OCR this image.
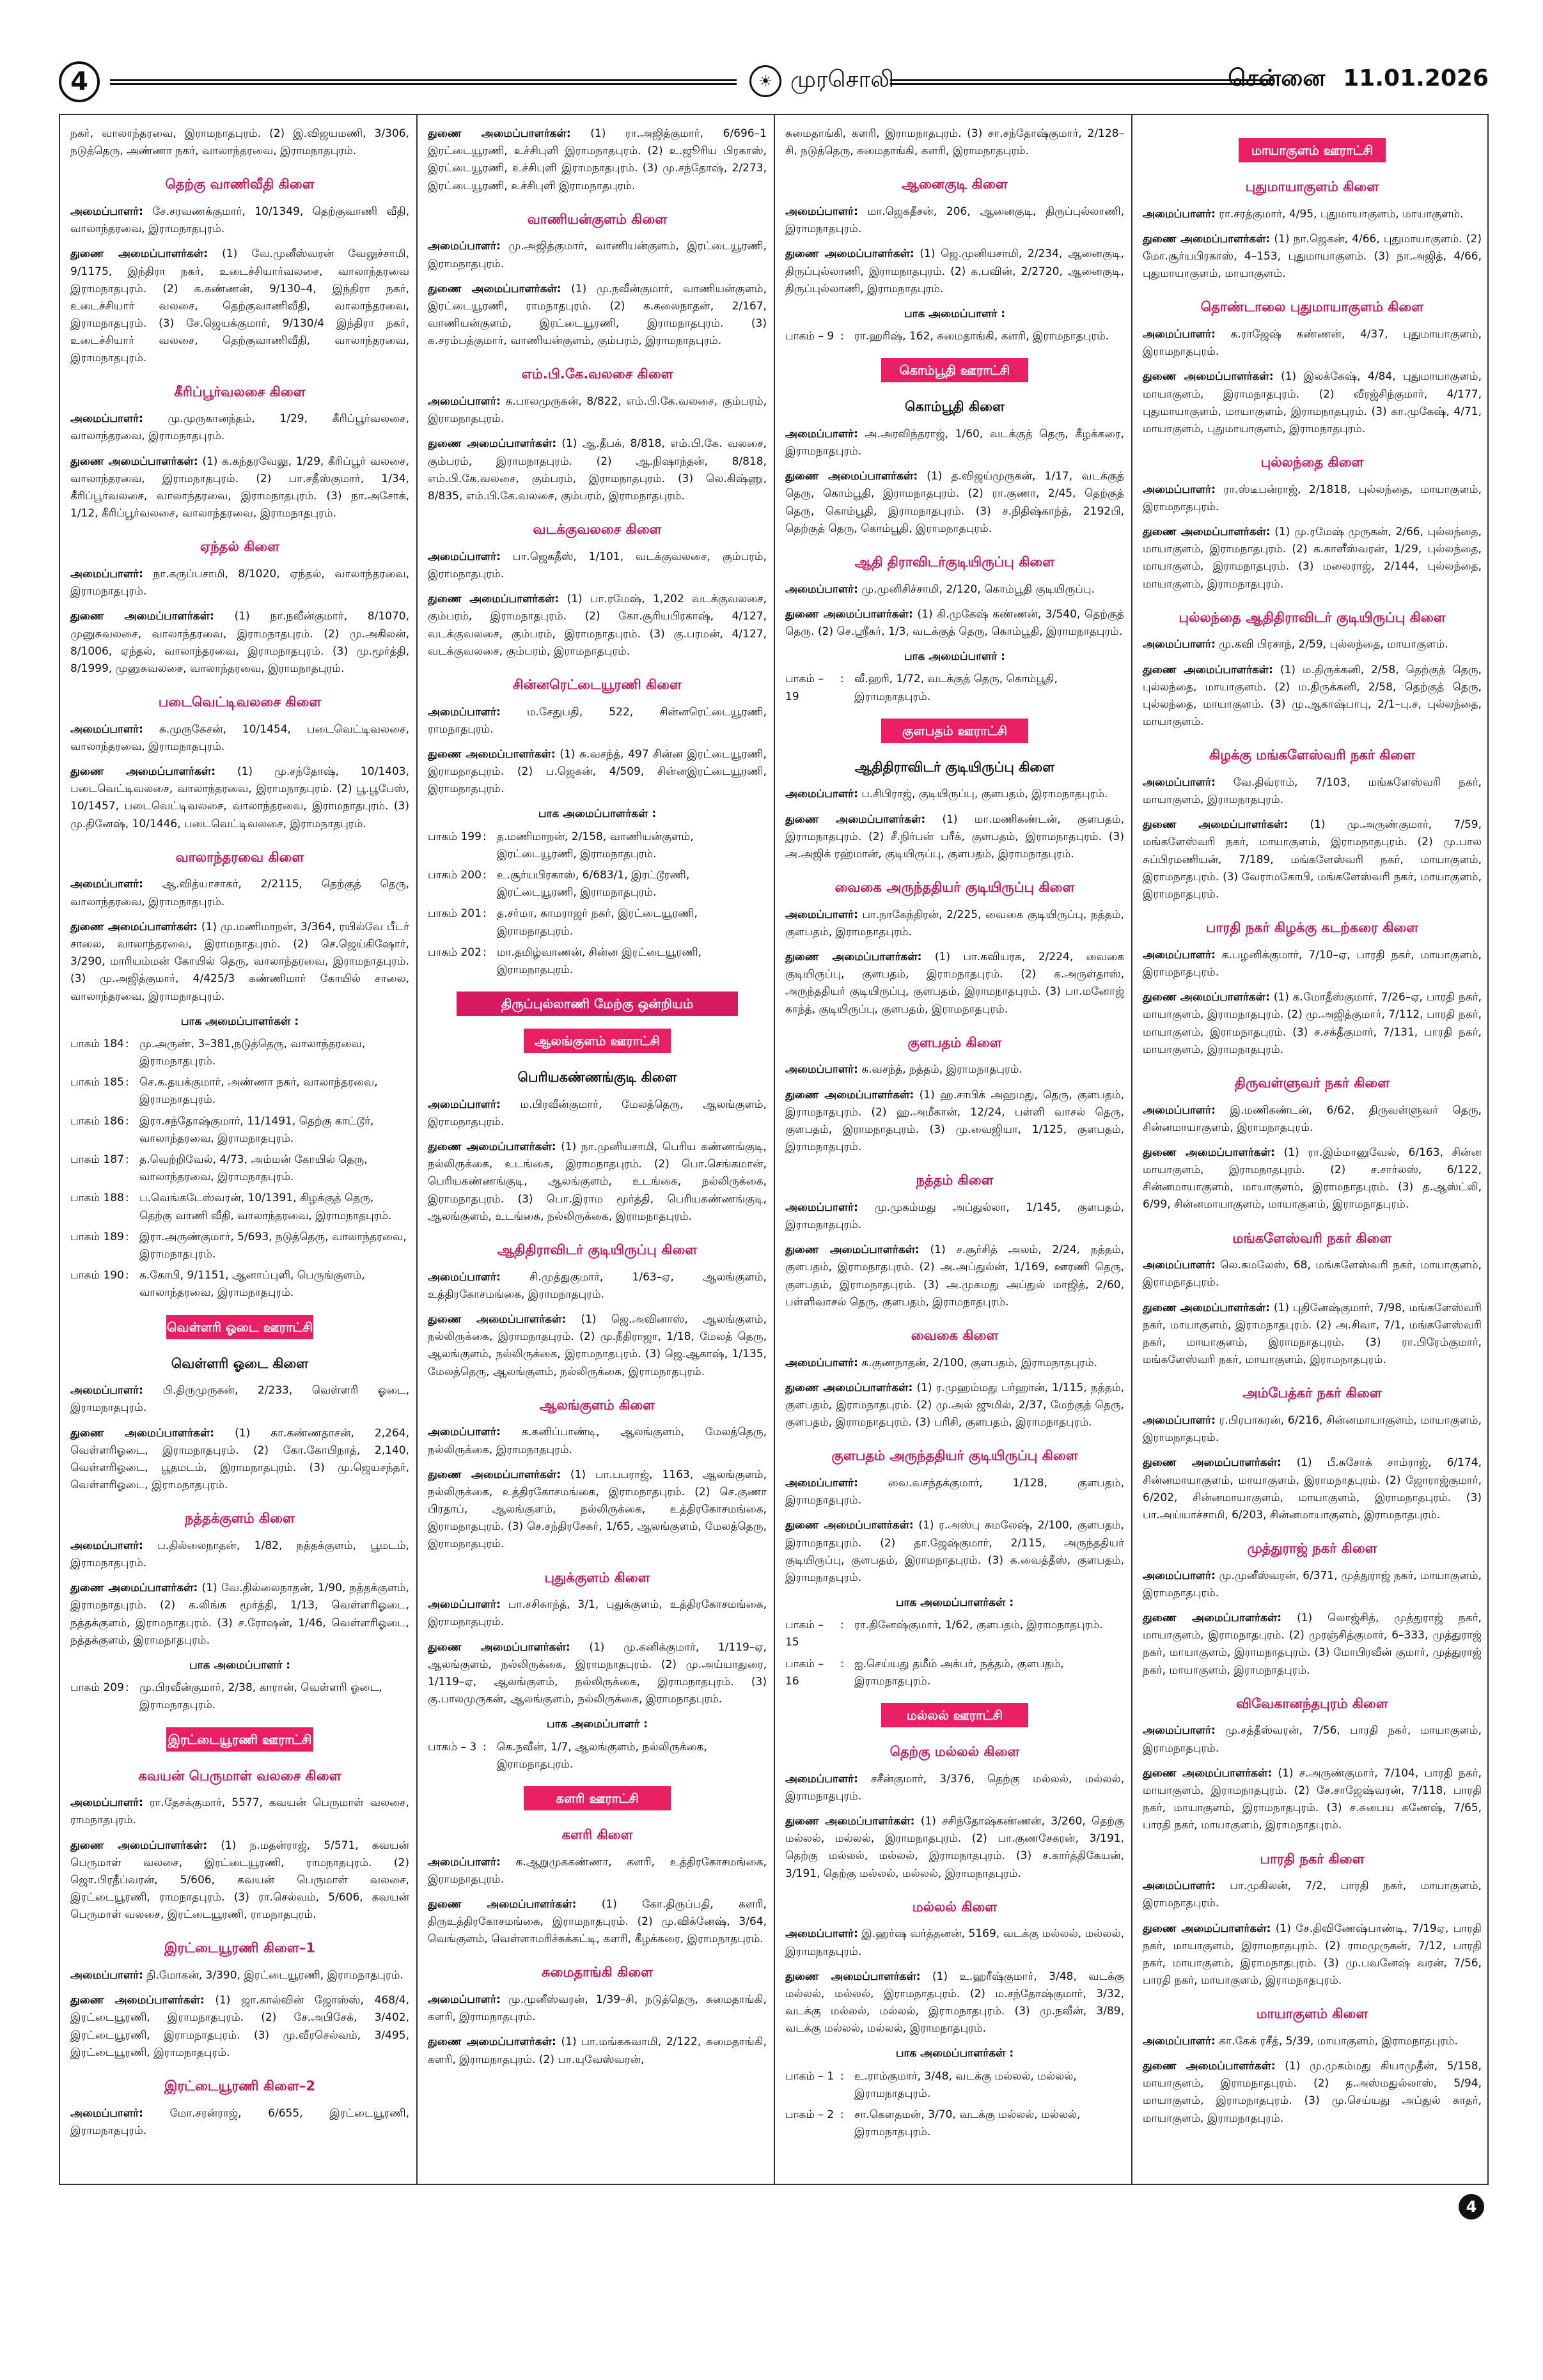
4	☀ முரசொலி	சென்னை 11.01.2026

நகர், வாலாந்தரவை, இராமநாதபுரம். (2) இ.விஜயமணி, 3/306, நடுத்தெரு, அண்ணா நகர், வாலாந்தரவை, இராமநாதபுரம்.

தெற்கு வாணிவீதி கிளை

அமைப்பாளர்: சே.சரவணக்குமார், 10/1349, தெற்குவாணி வீதி, வாலாந்தரவை, இராமநாதபுரம்.

துணை அமைப்பாளர்கள்: (1) வே.முனீஸ்வரன் வேலுச்சாமி, 9/1175, இந்திரா நகர், உடைச்சியார்வலசை, வாலாந்தரவை இராமநாதபுரம். (2) க.கண்ணன், 9/130–4, இந்திரா நகர், உடைச்சியார் வலசை, தெற்குவாணிவீதி, வாலாந்தரவை, இராமநாதபுரம். (3) சே.ஜெயக்குமார், 9/130/4 இந்திரா நகர், உடைச்சியார் வலசை, தெற்குவாணிவீதி, வாலாந்தரவை, இராமநாதபுரம்.

கீரிப்பூர்வலசை கிளை

அமைப்பாளர்: மு.முருகானந்தம், 1/29, கீரிப்பூர்வலசை, வாலாந்தரவை, இராமநாதபுரம்.

துணை அமைப்பாளர்கள்: (1) க.கந்தரவேலு, 1/29, கீரிப்பூர் வலசை, வாலாந்தரவை, இராமநாதபுரம். (2) பா.சதீஸ்குமார், 1/34, கீரிப்பூர்வலசை, வாலாந்தரவை, இராமநாதபுரம். (3) நா.அசோக், 1/12, கீரிப்பூர்வலசை, வாலாந்தரவை, இராமநாதபுரம்.

ஏந்தல் கிளை

அமைப்பாளர்: நா.கருப்பசாமி, 8/1020, ஏந்தல், வாலாந்தரவை, இராமநாதபுரம்.

துணை அமைப்பாளர்கள்: (1) நா.நவீன்குமார், 8/1070, முனுசுவலசை, வாலாந்தரவை, இராமநாதபுரம். (2) மு.அகிலன், 8/1006, ஏந்தல், வாலாந்தரவை, இராமநாதபுரம். (3) மு.மூர்த்தி, 8/1999, முனுசுவலசை, வாலாந்தரவை, இராமநாதபுரம்.

படைவெட்டிவலசை கிளை

அமைப்பாளர்: க.முருகேசன், 10/1454, படைவெட்டிவலசை, வாலாந்தரவை, இராமநாதபுரம்.

துணை அமைப்பாளர்கள்: (1) மு.சந்தோஷ், 10/1403, படைவெட்டிவலசை, வாலாந்தரவை, இராமநாதபுரம். (2) பூ.பூபேஸ், 10/1457, படைவெட்டிவலசை, வாலாந்தரவை, இராமநாதபுரம். (3) மு.தினேஷ், 10/1446, படைவெட்டிவலசை, இராமநாதபுரம்.

வாலாந்தரவை கிளை

அமைப்பாளர்: ஆ.வித்யாசாகர், 2/2115, தெற்குத் தெரு, வாலாந்தரவை, இராமநாதபுரம்.

துணை அமைப்பாளர்கள்: (1) மு.மணிமாறன், 3/364, ரயில்வே பீடர் சாலை, வாலாந்தரவை, இராமநாதபுரம். (2) செ.ஜெய்கிஷோர், 3/290, மாரியம்மன் கோயில் தெரு, வாலாந்தரவை, இராமநாதபுரம். (3) மு.அஜித்குமார், 4/425/3 கண்ணிமார் கோயில் சாலை, வாலாந்தரவை, இராமநாதபுரம்.

பாக அமைப்பாளர்கள் :
பாகம் 184 : மு.அருண், 3–381,நடுத்தெரு, வாலாந்தரவை, இராமநாதபுரம்.
பாகம் 185 : செ.க.தயக்குமார், அண்ணா நகர், வாலாந்தரவை, இராமநாதபுரம்.
பாகம் 186 : இரா.சந்தோஷ்குமார், 11/1491, தெற்கு காட்டூர், வாலாந்தரவை, இராமநாதபுரம்.
பாகம் 187 : த.வெற்றிவேல், 4/73, அம்மன் கோயில் தெரு, வாலாந்தரவை, இராமநாதபுரம்.
பாகம் 188 : ப.வெங்கடேஸ்வரன், 10/1391, கிழக்குத் தெரு, தெற்கு வாணி வீதி, வாலாந்தரவை, இராமநாதபுரம்.
பாகம் 189 : இரா.அருண்குமார், 5/693, நடுத்தெரு, வாலாந்தரவை, இராமநாதபுரம்.
பாகம் 190 : க.கோபி, 9/1151, ஆனாப்புளி, பெருங்குளம், வாலாந்தரவை, இராமநாதபுரம்.
வெள்ளரி ஓடை ஊராட்சி
வெள்ளரி ஓடை கிளை

அமைப்பாளர்: பி.திருமுருகன், 2/233, வெள்ளரி ஓடை, இராமநாதபுரம்.

துணை அமைப்பாளர்கள்: (1) கா.கண்ணதாசன், 2,264, வெள்ளரிஓடை, இராமநாதபுரம். (2) கோ.கோபிநாத், 2,140, வெள்ளரிஓடை, பூதமடம், இராமநாதபுரம். (3) மு.ஜெயசந்தர், வெள்ளரிஓடை, இராமநாதபுரம்.

நத்தக்குளம் கிளை

அமைப்பாளர்: ப.தில்லைநாதன், 1/82, நத்தக்குளம், பூமடம், இராமநாதபுரம்.

துணை அமைப்பாளர்கள்: (1) வே.தில்லைநாதன், 1/90, நத்தக்குளம், இராமநாதபுரம். (2) க.லிங்க மூர்த்தி, 1/13, வெள்ளரிஓடை, நத்தக்குளம், இராமநாதபுரம். (3) ச.ரோஷன், 1/46, வெள்ளரிஓடை, நத்தக்குளம், இராமநாதபுரம்.

பாக அமைப்பாளர் :
பாகம் 209 : மு.பிரவீன்குமார், 2/38, காரான், வெள்ளரி ஓடை, இராமநாதபுரம்.
இரட்டையூரணி ஊராட்சி
கவயன் பெருமாள் வலசை கிளை

அமைப்பாளர்: ரா.தேசக்குமார், 5577, கவயன் பெருமாள் வலசை, ராமநாதபுரம்.

துணை அமைப்பாளர்கள்: (1) ந.மதன்ராஜ், 5/571, கவயன் பெருமாள் வலசை, இரட்டையூரணி, ராமநாதபுரம். (2) ஜொ.பிரதீப்வரன், 5/606, கவயன் பெருமாள் வலசை, இரட்டையூரணி, ராமநாதபுரம். (3) ரா.செல்வம், 5/606, கவயன் பெருமாள் வலசை, இரட்டையூரணி, ராமநாதபுரம்.

இரட்டையூரணி கிளை–1

அமைப்பாளர்: நி.மோகன், 3/390, இரட்டையூரணி, இராமநாதபுரம்.

துணை அமைப்பாளர்கள்: (1) ஜா.கால்வின் ஜோஸ்ஸ், 468/4, இரட்டையூரணி, இராமநாதபுரம். (2) சே.அபிசேக், 3/402, இரட்டையூரணி, இராமநாதபுரம். (3) மு.வீரசெல்வம், 3/495, இரட்டையூரணி, இராமநாதபுரம்.

இரட்டையூரணி கிளை–2

அமைப்பாளர்: மோ.சரன்ராஜ், 6/655, இரட்டையூரணி, இராமநாதபுரம்.

துணை அமைப்பாளர்கள்: (1) ரா.அஜித்குமார், 6/696–1 இரட்டையூரணி, உச்சிபுளி இராமநாதபுரம். (2) உ.ஜூரிய பிரகாஸ், இரட்டையூரணி, உச்சிபுளி இராமநாதபுரம். (3) மு.சந்தோஷ், 2/273, இரட்டையூரணி, உச்சிபுளி இராமநாதபுரம்.

வாணியன்குளம் கிளை

அமைப்பாளர்: மு.அஜித்குமார், வாணியன்குளம், இரட்டையூரணி, இராமநாதபுரம்.

துணை அமைப்பாளர்கள்: (1) மு.நவீன்குமார், வாணியன்குளம், இரட்டையூரணி, ராமநாதபுரம். (2) க.கலைநாதன், 2/167, வாணியன்குளம், இரட்டையூரணி, இராமநாதபுரம். (3) க.சரம்பத்குமார், வாணியன்குளம், கும்பரம், இராமநாதபுரம்.

எம்.பி.கே.வலசை கிளை

அமைப்பாளர்: க.பாலமுருகன், 8/822, எம்.பி.கே.வலசை, கும்பரம், இராமநாதபுரம்.

துணை அமைப்பாளர்கள்: (1) ஆ.தீபக், 8/818, எம்.பி.கே. வலசை, கும்பரம், இராமநாதபுரம். (2) ஆ.நிஷாந்தன், 8/818, எம்.பி.கே.வலசை, கும்பரம், இராமநாதபுரம். (3) லெ.கிஷ்ணு, 8/835, எம்.பி.கே.வலசை, கும்பரம், இராமநாதபுரம்.

வடக்குவலசை கிளை

அமைப்பாளர்: பா.ஜெகதீஸ், 1/101, வடக்குவலசை, கும்பரம், இராமநாதபுரம்.

துணை அமைப்பாளர்கள்: (1) பா.ரமேஷ், 1,202 வடக்குவலசை, கும்பரம், இராமநாதபுரம். (2) கோ.சூரியபிரகாஷ், 4/127, வடக்குவலசை, கும்பரம், இராமநாதபுரம். (3) கு.பரமன், 4/127, வடக்குவலசை, கும்பரம், இராமநாதபுரம்.

சின்னரெட்டையூரணி கிளை

அமைப்பாளர்: ம.சேதுபதி, 522, சின்னரெட்டையூரணி, ராமநாதபுரம்.

துணை அமைப்பாளர்கள்: (1) சு.வசந்த், 497 சின்ன இரட்டையூரணி, இராமநாதபுரம். (2) ப.ஜெகன், 4/509, சின்னஇரட்டையூரணி, இராமநாதபுரம்.

பாக அமைப்பாளர்கள் :
பாகம் 199 : த.மணிமாறன், 2/158, வாணியன்குளம், இரட்டையூரணி, இராமநாதபுரம்.
பாகம் 200 : உ.சூர்யபிரகாஸ், 6/683/1, இரட்டூரணி, இரட்டையூரணி, இராமநாதபுரம்.
பாகம் 201 : த.சர்மா, காமராஜர் நகர், இரட்டையூரணி, இராமநாதபுரம்.
பாகம் 202 : மா.தமிழ்வாணன், சின்ன இரட்டையூரணி, இராமநாதபுரம்.
திருப்புல்லாணி மேற்கு ஒன்றியம்
ஆலங்குளம் ஊராட்சி
பெரியகண்ணங்குடி கிளை

அமைப்பாளர்: ம.பிரவீன்குமார், மேலத்தெரு, ஆலங்குளம், இராமநாதபுரம்.

துணை அமைப்பாளர்கள்: (1) நா.முனியசாமி, பெரிய கண்ணங்குடி, நல்லிருக்கை, உடங்கை, இராமநாதபுரம். (2) பொ.செங்கமான், பெரியகண்ணங்குடி, ஆலங்குளம், உடங்கை, நல்லிருக்கை, இராமநாதபுரம். (3) பொ.இராம மூர்த்தி, பெரியகண்ணங்குடி, ஆலங்குளம், உடங்கை, நல்லிருக்கை, இராமநாதபுரம்.

ஆதிதிராவிடர் குடியிருப்பு கிளை

அமைப்பாளர்: சி.முத்துகுமார், 1/63–ஏ, ஆலங்குளம், உத்திரகோசமங்கை, இராமநாதபுரம்.

துணை அமைப்பாளர்கள்: (1) ஜெ.அவினாஸ், ஆலங்குளம், நல்லிருக்கை, இராமநாதபுரம். (2) மு.நீதிராஜா, 1/18, மேலத் தெரு, ஆலங்குளம், நல்லிருக்கை, இராமநாதபுரம். (3) ஜெ.ஆகாஷ், 1/135, மேலத்தெரு, ஆலங்குளம், நல்லிருக்கை, இராமநாதபுரம்.

ஆலங்குளம் கிளை

அமைப்பாளர்: க.கனிப்பாண்டி, ஆலங்குளம், மேலத்தெரு, நல்லிருக்கை, இராமநாதபுரம்.

துணை அமைப்பாளர்கள்: (1) பா.பபராஜ், 1163, ஆலங்குளம், நல்லிருக்கை, உத்திரகோசமங்கை, இராமநாதபுரம். (2) செ.குணா பிரதாப், ஆலங்குளம், நல்லிருக்கை, உத்திரகோசமங்கை, இராமநாதபுரம். (3) செ.சந்திரசேகர், 1/65, ஆலங்குளம், மேலத்தெரு, இராமநாதபுரம்.

புதுக்குளம் கிளை

அமைப்பாளர்: பா.சசிகாந்த், 3/1, புதுக்குளம், உத்திரகோசமங்கை, இராமநாதபுரம்.

துணை அமைப்பாளர்கள்: (1) மு.கனிக்குமார், 1/119–ஏ, ஆலங்குளம், நல்லிருக்கை, இராமநாதபுரம். (2) மு.அய்யாதுரை, 1/119–ஏ, ஆலங்குளம், நல்லிருக்கை, இராமநாதபுரம். (3) கு.பாலமுருகன், ஆலங்குளம், நல்லிருக்கை, இராமநாதபுரம்.

பாக அமைப்பாளர் :
பாகம் – 3 : கெ.நவீன், 1/7, ஆலங்குளம், நல்லிருக்கை, இராமநாதபுரம்.
களரி ஊராட்சி
களரி கிளை

அமைப்பாளர்: க.ஆறுமுககண்ணா, களரி, உத்திரகோசமங்கை, இராமநாதபுரம்.

துணை அமைப்பாளர்கள்: (1) கோ.திருப்பதி, களரி, திருஉத்திரகோசமங்கை, இராமநாதபுரம். (2) மு.விக்னேஷ், 3/64, வெங்குளம், வெள்ளாமரிச்சுக்கட்டி, களரி, கீழக்கரை, இராமநாதபுரம்.

சுமைதாங்கி கிளை

அமைப்பாளர்: மு.முனீஸ்வரன், 1/39–சி, நடுத்தெரு, சுமைதாங்கி, களரி, இராமநாதபுரம்.

துணை அமைப்பாளர்கள்: (1) பா.மங்கசுவாமி, 2/122, சுமைதாங்கி, களரி, இராமநாதபுரம். (2) பா.யுவேஸ்வரன்,

சுமைதாங்கி, களரி, இராமநாதபுரம். (3) சா.சந்தோஷ்குமார், 2/128–சி, நடுத்தெரு, சுமைதாங்கி, களரி, இராமநாதபுரம்.

ஆனைகுடி கிளை

அமைப்பாளர்: மா.ஜெகதீசன், 206, ஆனைகுடி, திருப்புல்லாணி, இராமநாதபுரம்.

துணை அமைப்பாளர்கள்: (1) ஜெ.முனியசாமி, 2/234, ஆனைகுடி, திருப்புல்லாணி, இராமநாதபுரம். (2) க.பவின், 2/2720, ஆனைகுடி, திருப்புல்லாணி, இராமநாதபுரம்.

பாக அமைப்பாளர் :
பாகம் – 9 : ரா.ஹரிஷ், 162, சுமைதாங்கி, களரி, இராமநாதபுரம்.
கொம்பூதி ஊராட்சி
கொம்பூதி கிளை

அமைப்பாளர்: அ.அரவிந்தராஜ், 1/60, வடக்குத் தெரு, கீழக்கரை, இராமநாதபுரம்.

துணை அமைப்பாளர்கள்: (1) த.விஜய்முருகன், 1/17, வடக்குத் தெரு, கொம்பூதி, இராமநாதபுரம். (2) ரா.குணா, 2/45, தெற்குத் தெரு, கொம்பூதி, இராமநாதபுரம். (3) ச.நிதிஷ்காந்த், 2192பி, தெற்குத் தெரு, கொம்பூதி, இராமநாதபுரம்.

ஆதி திராவிடர்குடியிருப்பு கிளை

அமைப்பாளர்: மு.முனிசிச்சாமி, 2/120, கொம்பூதி குடியிருப்பு.

துணை அமைப்பாளர்கள்: (1) கி.முகேஷ் கண்ணன், 3/540, தெற்குத் தெரு. (2) செ.ஸ்ரீகர், 1/3, வடக்குத் தெரு, கொம்பூதி, இராமநாதபுரம்.

பாக அமைப்பாளர் :
பாகம் – 19
: வீ.ஹரி, 1/72, வடக்குத் தெரு, கொம்பூதி, இராமநாதபுரம்.
குளபதம் ஊராட்சி
ஆதிதிராவிடர் குடியிருப்பு கிளை

அமைப்பாளர்: ப.சிபிராஜ், குடியிருப்பு, குளபதம், இராமநாதபுரம்.

துணை அமைப்பாளர்கள்: (1) மா.மணிகண்டன், குளபதம், இராமநாதபுரம். (2) சீ.நிர்பன் பரீக், குளபதம், இராமநாதபுரம். (3) அ.அஜிக் ரஹ்மான், குடியிருப்பு, குளபதம், இராமநாதபுரம்.

வைகை அருந்ததியர் குடியிருப்பு கிளை

அமைப்பாளர்: பா.நாகேந்திரன், 2/225, வைகை குடியிருப்பு, நத்தம், குளபதம், இராமநாதபுரம்.

துணை அமைப்பாளர்கள்: (1) பா.கவியரசு, 2/224, வைகை குடியிருப்பு, குளபதம், இராமநாதபுரம். (2) க.அருள்தாஸ், அருந்ததியர் குடியிருப்பு, குளபதம், இராமநாதபுரம். (3) பா.மனோஜ் காந்த், குடியிருப்பு, குளபதம், இராமநாதபுரம்.

குளபதம் கிளை

அமைப்பாளர்: க.வசந்த், நத்தம், இராமநாதபுரம்.

துணை அமைப்பாளர்கள்: (1) ஹ.சாபிக் அஹமது, தெரு, குளபதம், இராமநாதபுரம். (2) ஹ.அமீகான், 12/24, பள்ளி வாசல் தெரு, குளபதம், இராமநாதபுரம். (3) மு.வைஜியா, 1/125, குளபதம், இராமநாதபுரம்.

நத்தம் கிளை

அமைப்பாளர்: மு.முகம்மது அப்துல்லா, 1/145, குளபதம், இராமநாதபுரம்.

துணை அமைப்பாளர்கள்: (1) ச.சூர்சித் அலம், 2/24, நத்தம், குளபதம், இராமநாதபுரம். (2) அ.அப்துல்ன், 1/169, ஊரணி தெரு, குளபதம், இராமநாதபுரம். (3) அ.முகமது அப்துல் மாஜித், 2/60, பள்ளிவாசல் தெரு, குளபதம், இராமநாதபுரம்.

வைகை கிளை

அமைப்பாளர்: க.குணநாதன், 2/100, குளபதம், இராமநாதபுரம்.

துணை அமைப்பாளர்கள்: (1) ர.முஹம்மது பர்ஹான், 1/115, நத்தம், குளபதம், இராமநாதபுரம். (2) மு.அல் ஜுமில், 2/37, மேற்குத் தெரு, குளபதம், இராமநாதபுரம். (3) பரிசி, குளபதம், இராமநாதபுரம்.

குளபதம் அருந்ததியர் குடியிருப்பு கிளை

அமைப்பாளர்: வை.வசந்தக்குமார், 1/128, குளபதம், இராமநாதபுரம்.

துணை அமைப்பாளர்கள்: (1) ர.அஸ்பு சுமலேஷ், 2/100, குளபதம், இராமநாதபுரம். (2) தா.ஜேஷ்குமார், 2/115, அருந்ததியர் குடியிருப்பு, குளபதம், இராமநாதபுரம். (3) க.வைத்தீஸ், குளபதம், இராமநாதபுரம்.

பாக அமைப்பாளர்கள் :
பாகம் – 15
: ரா.தினேஷ்குமார், 1/62, குளபதம், இராமநாதபுரம்.
பாகம் – 16
: ஐ.செய்யது தமீம் அக்பர், நத்தம், குளபதம், இராமநாதபுரம்.
மல்லல் ஊராட்சி
தெற்கு மல்லல் கிளை

அமைப்பாளர்: சசீன்குமார், 3/376, தெற்கு மல்லல், மல்லல், இராமநாதபுரம்.

துணை அமைப்பாளர்கள்: (1) சசிந்தோஷ்கண்ணன், 3/260, தெற்கு மல்லல், மல்லல், இராமநாதபுரம். (2) பா.குணசேகரன், 3/191, தெற்கு மல்லல், மல்லல், இராமநாதபுரம். (3) ச.கார்த்திகேயன், 3/191, தெற்கு மல்லல், மல்லல், இராமநாதபுரம்.

மல்லல் கிளை

அமைப்பாளர்: இ.ஹர்ஷ வர்த்தனன், 5169, வடக்கு மல்லல், மல்லல், இராமநாதபுரம்.

துணை அமைப்பாளர்கள்: (1) உ.ஹரீஷ்குமார், 3/48, வடக்கு மல்லல், மல்லல், இராமநாதபுரம். (2) ம.சந்தோஷ்குமார், 3/32, வடக்கு மல்லல், மல்லல், இராமநாதபுரம். (3) மு.நவீன், 3/89, வடக்கு மல்லல், மல்லல், இராமநாதபுரம்.

பாக அமைப்பாளர்கள் :
பாகம் – 1 : உ.ராம்குமார், 3/48, வடக்கு மல்லல், மல்லல், இராமநாதபுரம்.
பாகம் – 2 : சா.கௌதமன், 3/70, வடக்கு மல்லல், மல்லல், இராமநாதபுரம்.
மாயாகுளம் ஊராட்சி
புதுமாயாகுளம் கிளை

அமைப்பாளர்: ரா.சரத்குமார், 4/95, புதுமாயாகுளம், மாயாகுளம்.

துணை அமைப்பாளர்கள்: (1) நா.ஜெகன், 4/66, புதுமாயாகுளம். (2) மோ.சூர்யபிரகாஸ், 4–153, புதுமாயாகுளம். (3) நா.அஜித், 4/66, புதுமாயாகுளம், மாயாகுளம்.

தொண்டாலை புதுமாயாகுளம் கிளை

அமைப்பாளர்: க.ராஜேஷ் கண்ணன், 4/37, புதுமாயாகுளம், இராமநாதபுரம்.

துணை அமைப்பாளர்கள்: (1) இலக்கேஷ், 4/84, புதுமாயாகுளம், மாயாகுளம், இராமநாதபுரம். (2) வீரஜ்சிந்குமார், 4/177, புதுமாயாகுளம், மாயாகுளம், இராமநாதபுரம். (3) கா.முகேஷ், 4/71, மாயாகுளம், புதுமாயாகுளம், இராமநாதபுரம்.

புல்லந்தை கிளை

அமைப்பாளர்: ரா.ஸ்டீபன்ராஜ், 2/1818, புல்லந்தை, மாயாகுளம், இராமநாதபுரம்.

துணை அமைப்பாளர்கள்: (1) மு.ரமேஷ் முருகன், 2/66, புல்லந்தை, மாயாகுளம், இராமநாதபுரம். (2) க.காளீஸ்வரன், 1/29, புல்லந்தை, மாயாகுளம், இராமநாதபுரம். (3) மலைராஜ், 2/144, புல்லந்தை, மாயாகுளம், இராமநாதபுரம்.

புல்லந்தை ஆதிதிராவிடர் குடியிருப்பு கிளை

அமைப்பாளர்: மு.கவி பிரசாந், 2/59, புல்லந்தை, மாயாகுளம்.

துணை அமைப்பாளர்கள்: (1) ம.திருக்கனி, 2/58, தெற்குத் தெரு, புல்லந்தை, மாயாகுளம். (2) ம.திருக்கனி, 2/58, தெற்குத் தெரு, புல்லந்தை, மாயாகுளம். (3) மு.ஆகாஷ்பாபு, 2/1–பு.ச, புல்லந்தை, மாயாகுளம்.

கிழக்கு மங்களேஸ்வரி நகர் கிளை

அமைப்பாளர்: வே.திவ்ராம், 7/103, மங்களேஸ்வரி நகர், மாயாகுளம், இராமநாதபுரம்.

துணை அமைப்பாளர்கள்: (1) மு.அருண்குமார், 7/59, மங்களேஸ்வரி நகர், மாயாகுளம், இராமநாதபுரம். (2) மு.பால சுப்பிரமணியன், 7/189, மங்களேஸ்வரி நகர், மாயாகுளம், இராமநாதபுரம். (3) வேராமகோபி, மங்களேஸ்வரி நகர், மாயாகுளம், இராமநாதபுரம்.

பாரதி நகர் கிழக்கு கடற்கரை கிளை

அமைப்பாளர்: க.பழனிக்குமார், 7/10–ஏ, பாரதி நகர், மாயாகுளம், இராமநாதபுரம்.

துணை அமைப்பாளர்கள்: (1) க.மோதீஸ்குமார், 7/26–ஏ, பாரதி நகர், மாயாகுளம், இராமநாதபுரம். (2) மு.அஜித்குமார், 7/112, பாரதி நகர், மாயாகுளம், இராமநாதபுரம். (3) ச.சக்தீகுமார், 7/131, பாரதி நகர், மாயாகுளம், இராமநாதபுரம்.

திருவள்ளுவர் நகர் கிளை

அமைப்பாளர்: இ.மணிகண்டன், 6/62, திருவள்ளுவர் தெரு, சின்னமாயாகுளம், இராமநாதபுரம்.

துணை அமைப்பாளர்கள்: (1) ரா.இம்மானுவேல், 6/163, சின்ன மாயாகுளம், இராமநாதபுரம். (2) ச.சார்லஸ், 6/122, சின்னமாயாகுளம், மாயாகுளம், இராமநாதபுரம். (3) த.ஆஸ்ட்லி, 6/99, சின்னமாயாகுளம், மாயாகுளம், இராமநாதபுரம்.

மங்களேஸ்வரி நகர் கிளை

அமைப்பாளர்: லெ.சுமலேஸ், 68, மங்களேஸ்வரி நகர், மாயாகுளம், இராமநாதபுரம்.

துணை அமைப்பாளர்கள்: (1) புதினேஷ்குமார், 7/98, மங்களேஸ்வரி நகர், மாயாகுளம், இராமநாதபுரம். (2) அ.சிவா, 7/1, மங்களேஸ்வரி நகர், மாயாகுளம், இராமநாதபுரம். (3) ரா.பிரேம்குமார், மங்களேஸ்வரி நகர், மாயாகுளம், இராமநாதபுரம்.

அம்பேத்கர் நகர் கிளை

அமைப்பாளர்: ர.பிரபாகரன், 6/216, சின்னமாயாகுளம், மாயாகுளம், இராமநாதபுரம்.

துணை அமைப்பாளர்கள்: (1) பீ.சுசோக் சாம்ராஜ், 6/174, சின்னமாயாகுளம், மாயாகுளம், இராமநாதபுரம். (2) ஜோராஜ்குமார், 6/202, சின்னமாயாகுளம், மாயாகுளம், இராமநாதபுரம். (3) பா.அய்யாச்சாமி, 6/203, சின்னமாயாகுளம், இராமநாதபுரம்.

முத்துராஜ் நகர் கிளை

அமைப்பாளர்: மு.முனீஸ்வரன், 6/371, முத்துராஜ் நகர், மாயாகுளம், இராமநாதபுரம்.

துணை அமைப்பாளர்கள்: (1) லொஜ்சித், முத்துராஜ் நகர், மாயாகுளம், இராமநாதபுரம். (2) முரஞ்சித்குமார், 6–333, முத்துராஜ் நகர், மாயாகுளம், இராமநாதபுரம். (3) மோபிரவீன் குமார், முத்துராஜ் நகர், மாயாகுளம், இராமநாதபுரம்.

விவேகானந்தபுரம் கிளை

அமைப்பாளர்: மு.சத்தீஸ்வரன், 7/56, பாரதி நகர், மாயாகுளம், இராமநாதபுரம்.

துணை அமைப்பாளர்கள்: (1) ச.அருண்குமார், 7/104, பாரதி நகர், மாயாகுளம், இராமநாதபுரம். (2) சே.சாஜேஷ்வரன், 7/118, பாரதி நகர், மாயாகுளம், இராமநாதபுரம். (3) ச.சுபைய கணேஷ், 7/65, பாரதி நகர், மாயாகுளம், இராமநாதபுரம்.

பாரதி நகர் கிளை

அமைப்பாளர்: பா.முகிலன், 7/2, பாரதி நகர், மாயாகுளம், இராமநாதபுரம்.

துணை அமைப்பாளர்கள்: (1) சே.திவிணேஷ்பாண்டி, 7/19ஏ, பாரதி நகர், மாயாகுளம், இராமநாதபுரம். (2) ராமமுருகன், 7/12, பாரதி நகர், மாயாகுளம், இராமநாதபுரம். (3) மு.பவனேஷ் வரன், 7/56, பாரதி நகர், மாயாகுளம், இராமநாதபுரம்.

மாயாகுளம் கிளை

அமைப்பாளர்: கா.கேக் ரசீத், 5/39, மாயாகுளம், இராமநாதபுரம்.

துணை அமைப்பாளர்கள்: (1) மு.முகம்மது கியாமுதீன், 5/158, மாயாகுளம், இராமநாதபுரம். (2) த.அஸ்மதுல்லாஸ், 5/94, மாயாகுளம், இராமநாதபுரம். (3) மு.செய்யது அப்துல் காதர், மாயாகுளம், இராமநாதபுரம்.

4
